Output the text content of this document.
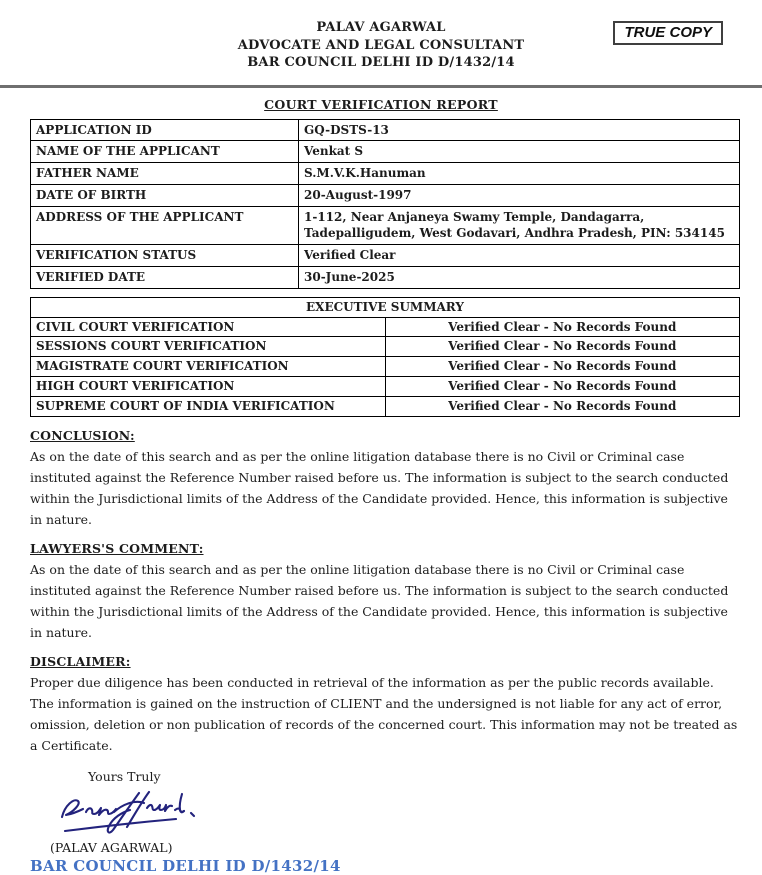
TRUE COPY
PALAV AGARWAL
ADVOCATE AND LEGAL CONSULTANT
BAR COUNCIL DELHI ID D/1432/14
COURT VERIFICATION REPORT
APPLICATION ID	GQ-DSTS-13
NAME OF THE APPLICANT	Venkat S
FATHER NAME	S.M.V.K.Hanuman
DATE OF BIRTH	20-August-1997
ADDRESS OF THE APPLICANT	1-112, Near Anjaneya Swamy Temple, Dandagarra, Tadepalligudem, West Godavari, Andhra Pradesh, PIN: 534145
VERIFICATION STATUS	Verified Clear
VERIFIED DATE	30-June-2025
EXECUTIVE SUMMARY	
CIVIL COURT VERIFICATION	Verified Clear - No Records Found
SESSIONS COURT VERIFICATION	Verified Clear - No Records Found
MAGISTRATE COURT VERIFICATION	Verified Clear - No Records Found
HIGH COURT VERIFICATION	Verified Clear - No Records Found
SUPREME COURT OF INDIA VERIFICATION	Verified Clear - No Records Found
CONCLUSION:
As on the date of this search and as per the online litigation database there is no Civil or Criminal case instituted against the Reference Number raised before us. The information is subject to the search conducted within the Jurisdictional limits of the Address of the Candidate provided. Hence, this information is subjective in nature.
LAWYERS'S COMMENT:
As on the date of this search and as per the online litigation database there is no Civil or Criminal case instituted against the Reference Number raised before us. The information is subject to the search conducted within the Jurisdictional limits of the Address of the Candidate provided. Hence, this information is subjective in nature.
DISCLAIMER:
Proper due diligence has been conducted in retrieval of the information as per the public records available. The information is gained on the instruction of CLIENT and the undersigned is not liable for any act of error, omission, deletion or non publication of records of the concerned court. This information may not be treated as a Certificate.
Yours Truly
(PALAV AGARWAL)
BAR COUNCIL DELHI ID D/1432/14
